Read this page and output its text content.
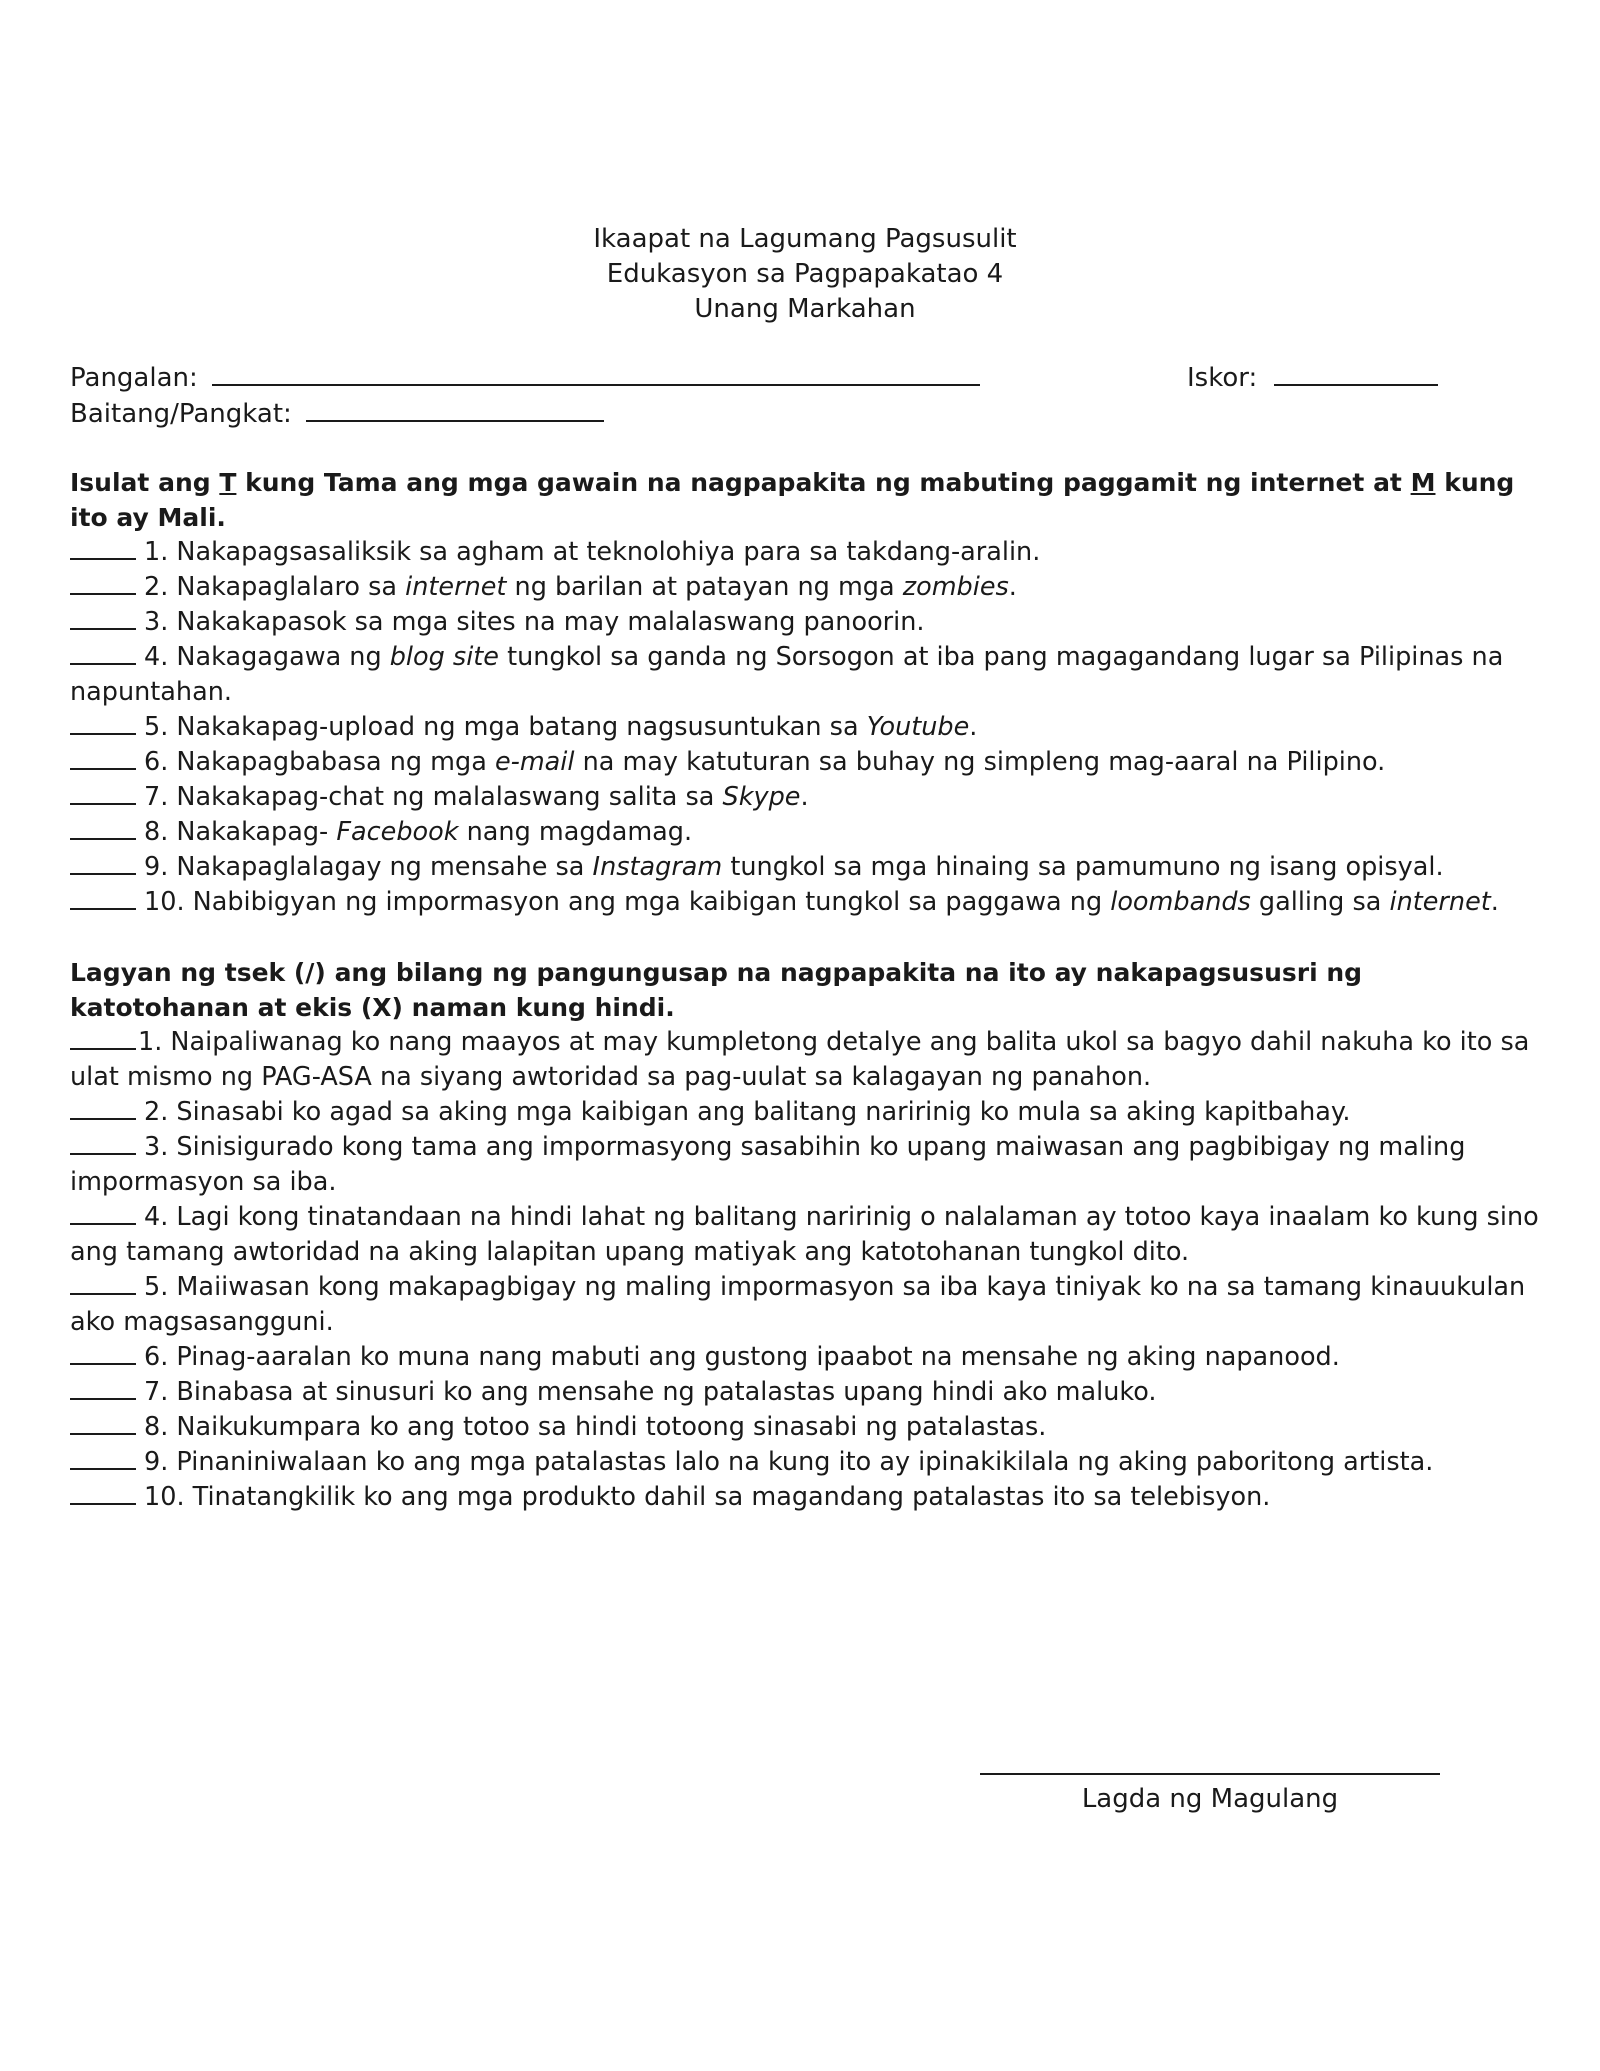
Ikaapat na Lagumang Pagsusulit
Edukasyon sa Pagpapakatao 4
Unang Markahan
Pangalan:	Iskor:
Baitang/Pangkat:
Isulat ang T kung Tama ang mga gawain na nagpapakita ng mabuting paggamit ng internet at M kung ito ay Mali.
1. Nakapagsasaliksik sa agham at teknolohiya para sa takdang-aralin.
2. Nakapaglalaro sa internet ng barilan at patayan ng mga zombies.
3. Nakakapasok sa mga sites na may malalaswang panoorin.
4. Nakagagawa ng blog site tungkol sa ganda ng Sorsogon at iba pang magagandang lugar sa Pilipinas na napuntahan.
5. Nakakapag-upload ng mga batang nagsusuntukan sa Youtube.
6. Nakapagbabasa ng mga e-mail na may katuturan sa buhay ng simpleng mag-aaral na Pilipino.
7. Nakakapag-chat ng malalaswang salita sa Skype.
8. Nakakapag- Facebook nang magdamag.
9. Nakapaglalagay ng mensahe sa Instagram tungkol sa mga hinaing sa pamumuno ng isang opisyal.
10. Nabibigyan ng impormasyon ang mga kaibigan tungkol sa paggawa ng loombands galling sa internet.
Lagyan ng tsek (/) ang bilang ng pangungusap na nagpapakita na ito ay nakapagsususri ng katotohanan at ekis (X) naman kung hindi.
1. Naipaliwanag ko nang maayos at may kumpletong detalye ang balita ukol sa bagyo dahil nakuha ko ito sa ulat mismo ng PAG-ASA na siyang awtoridad sa pag-uulat sa kalagayan ng panahon.
2. Sinasabi ko agad sa aking mga kaibigan ang balitang naririnig ko mula sa aking kapitbahay.
3. Sinisigurado kong tama ang impormasyong sasabihin ko upang maiwasan ang pagbibigay ng maling impormasyon sa iba.
4. Lagi kong tinatandaan na hindi lahat ng balitang naririnig o nalalaman ay totoo kaya inaalam ko kung sino ang tamang awtoridad na aking lalapitan upang matiyak ang katotohanan tungkol dito.
5. Maiiwasan kong makapagbigay ng maling impormasyon sa iba kaya tiniyak ko na sa tamang kinauukulan ako magsasangguni.
6. Pinag-aaralan ko muna nang mabuti ang gustong ipaabot na mensahe ng aking napanood.
7. Binabasa at sinusuri ko ang mensahe ng patalastas upang hindi ako maluko.
8. Naikukumpara ko ang totoo sa hindi totoong sinasabi ng patalastas.
9. Pinaniniwalaan ko ang mga patalastas lalo na kung ito ay ipinakikilala ng aking paboritong artista.
10. Tinatangkilik ko ang mga produkto dahil sa magandang patalastas ito sa telebisyon.
Lagda ng Magulang
